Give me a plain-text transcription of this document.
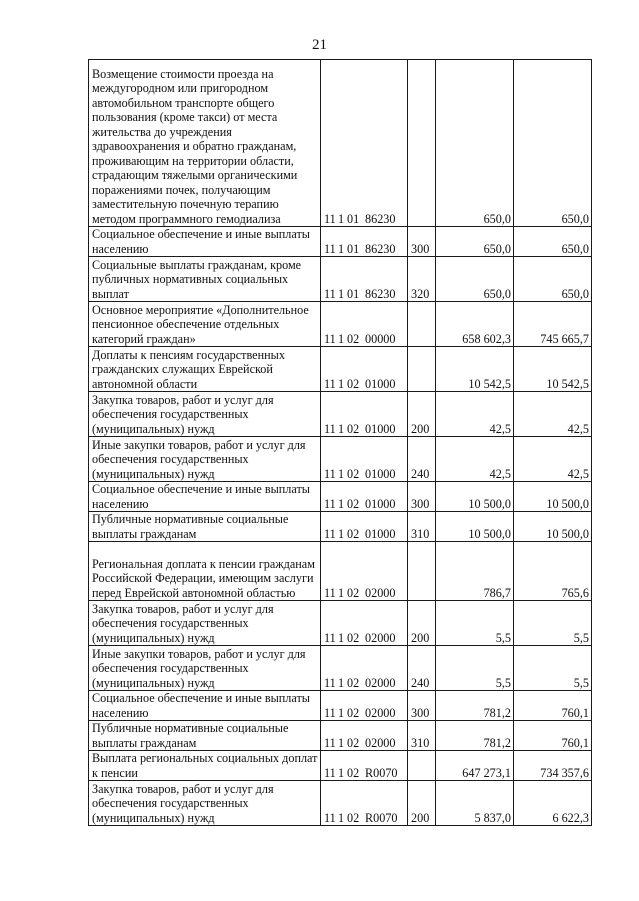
21
Возмещение стоимости проезда на междугородном или пригородном автомобильном транспорте общего пользования (кроме такси) от места жительства до учреждения здравоохранения и обратно гражданам, проживающим на территории области, страдающим тяжелыми органическими поражениями почек, получающим заместительную почечную терапию методом программного гемодиализа	11 1 01 86230		650,0	650,0
Социальное обеспечение и иные выплаты населению	11 1 01 86230	300	650,0	650,0
Социальные выплаты гражданам, кроме публичных нормативных социальных выплат	11 1 01 86230	320	650,0	650,0
Основное мероприятие «Дополнительное пенсионное обеспечение отдельных категорий граждан»	11 1 02 00000		658 602,3	745 665,7
Доплаты к пенсиям государственных гражданских служащих Еврейской автономной области	11 1 02 01000		10 542,5	10 542,5
Закупка товаров, работ и услуг для обеспечения государственных (муниципальных) нужд	11 1 02 01000	200	42,5	42,5
Иные закупки товаров, работ и услуг для обеспечения государственных (муниципальных) нужд	11 1 02 01000	240	42,5	42,5
Социальное обеспечение и иные выплаты населению	11 1 02 01000	300	10 500,0	10 500,0
Публичные нормативные социальные выплаты гражданам	11 1 02 01000	310	10 500,0	10 500,0
Региональная доплата к пенсии гражданам Российской Федерации, имеющим заслуги перед Еврейской автономной областью	11 1 02 02000		786,7	765,6
Закупка товаров, работ и услуг для обеспечения государственных (муниципальных) нужд	11 1 02 02000	200	5,5	5,5
Иные закупки товаров, работ и услуг для обеспечения государственных (муниципальных) нужд	11 1 02 02000	240	5,5	5,5
Социальное обеспечение и иные выплаты населению	11 1 02 02000	300	781,2	760,1
Публичные нормативные социальные выплаты гражданам	11 1 02 02000	310	781,2	760,1
Выплата региональных социальных доплат к пенсии	11 1 02 R0070		647 273,1	734 357,6
Закупка товаров, работ и услуг для обеспечения государственных (муниципальных) нужд	11 1 02 R0070	200	5 837,0	6 622,3
